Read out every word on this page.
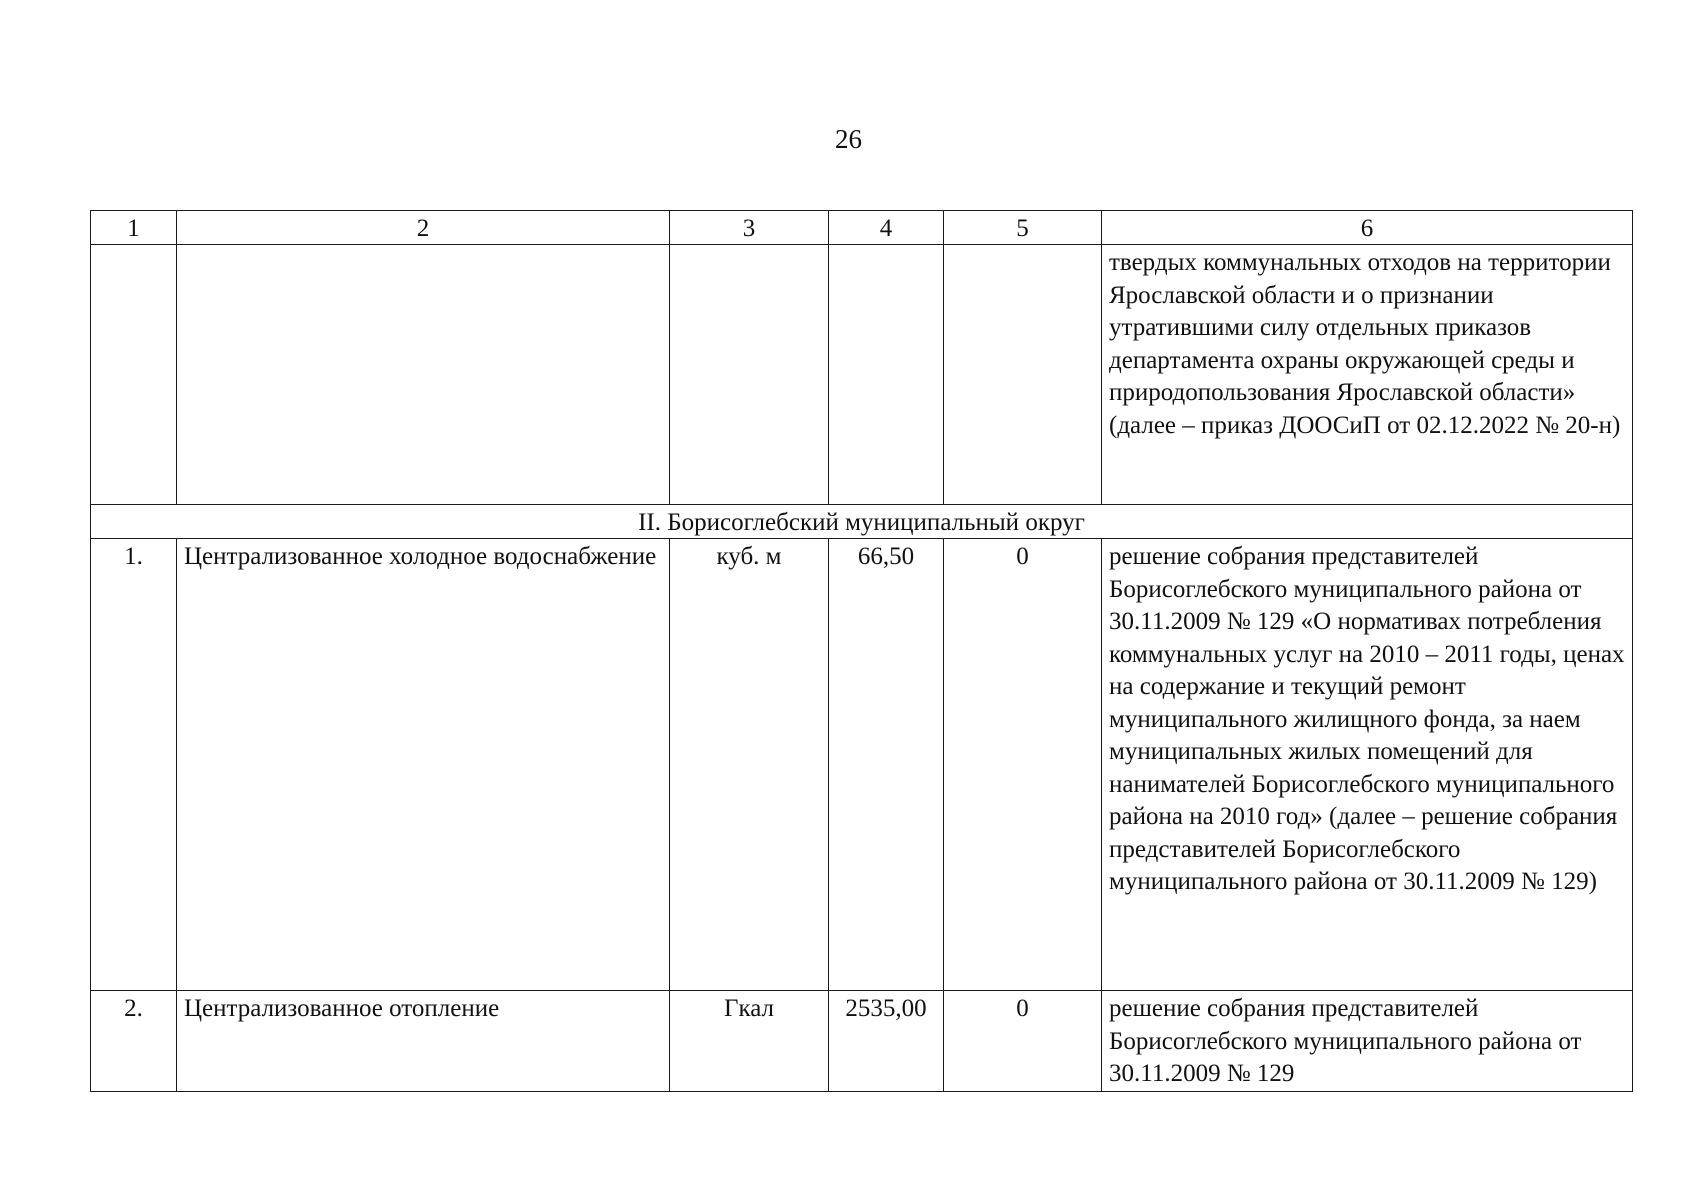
26
1	2	3	4	5	6
					твердых коммунальных отходов на территории Ярославской области и о признании утратившими силу отдельных приказов департамента охраны окружающей среды и природопользования Ярославской области» (далее – приказ ДООСиП от 02.12.2022 № 20-н)
II. Борисоглебский муниципальный округ					
1.	Централизованное холодное водоснабжение	куб. м	66,50	0	решение собрания представителей Борисоглебского муниципального района от 30.11.2009 № 129 «О нормативах потребления коммунальных услуг на 2010 – 2011 годы, ценах на содержание и текущий ремонт муниципального жилищного фонда, за наем муниципальных жилых помещений для нанимателей Борисоглебского муниципального района на 2010 год» (далее – решение собрания представителей Борисоглебского муниципального района от 30.11.2009 № 129)
2.	Централизованное отопление	Гкал	2535,00	0	решение собрания представителей Борисоглебского муниципального района от 30.11.2009 № 129
